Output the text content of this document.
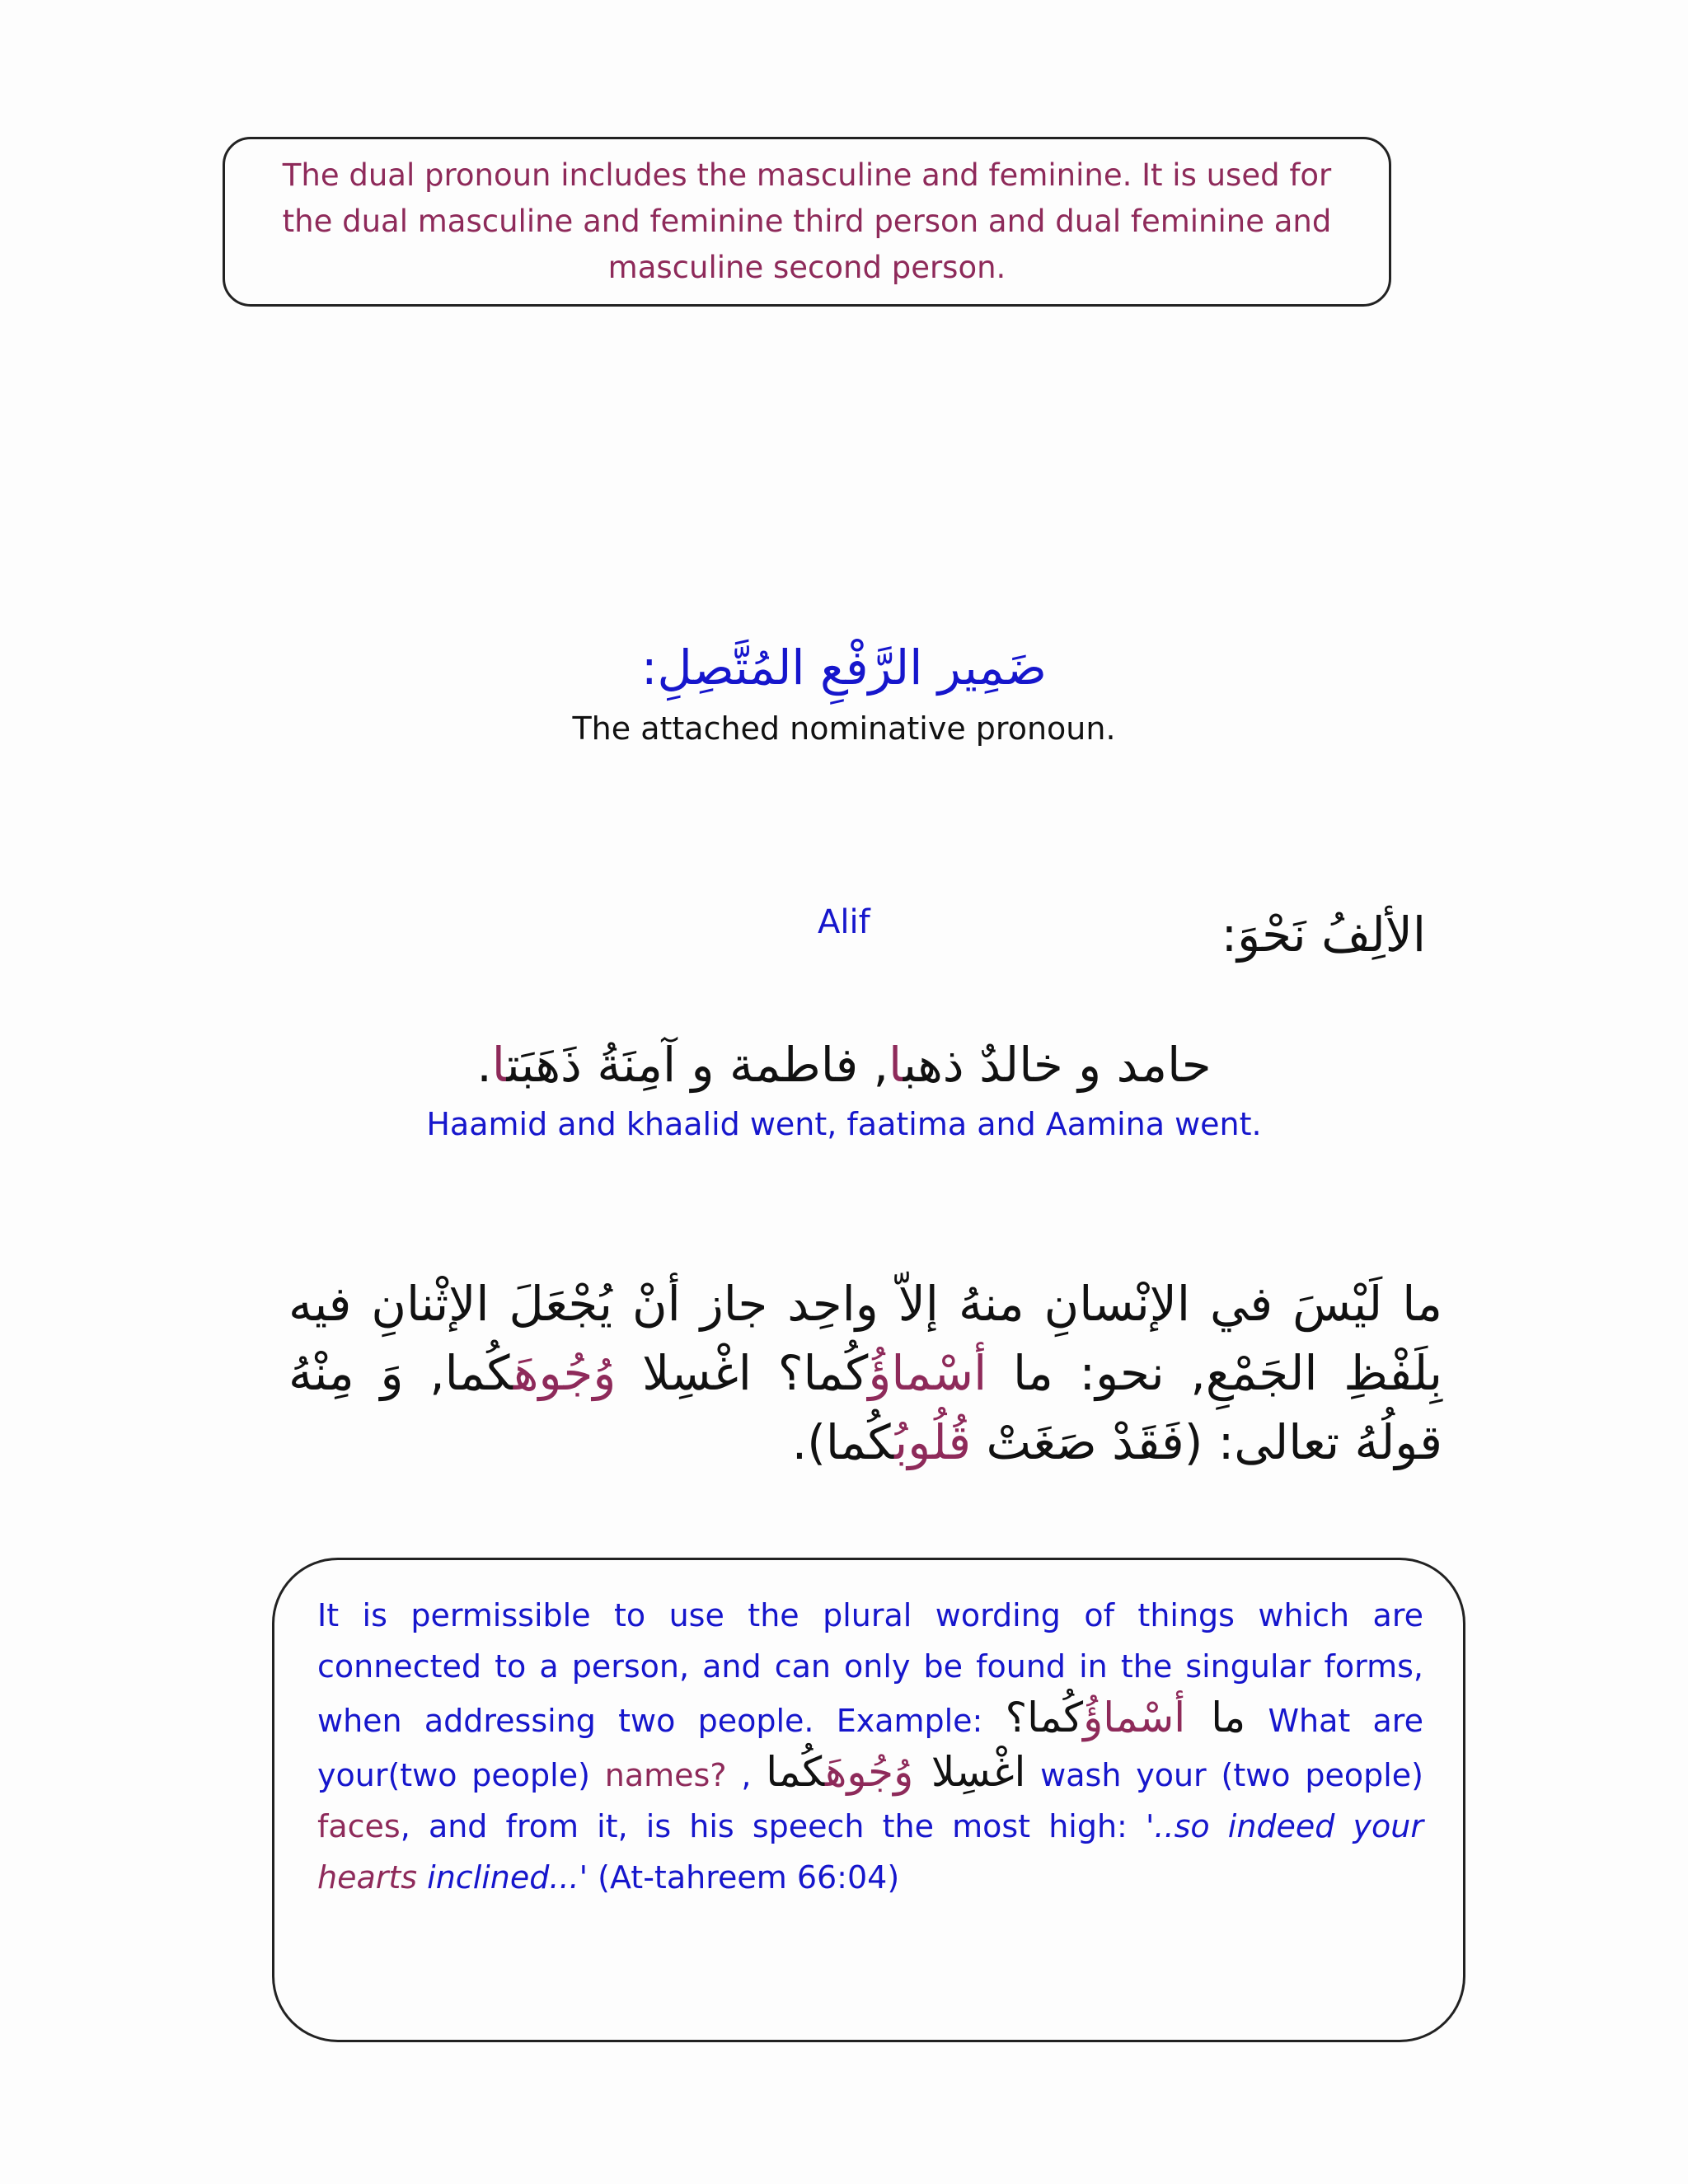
The dual pronoun includes the masculine and feminine. It is used for the dual masculine and feminine third person and dual feminine and masculine second person.

ضَمِير الرَّفْعِ المُتَّصِلِ:
The attached nominative pronoun.
Alif	الألِفُ نَحْوَ:
حامد و خالدٌ ذهبا, فاطمة و آمِنَةُ ذَهَبَتا.
Haamid and khaalid went, faatima and Aamina went.
ما لَيْسَ في الإنْسانِ منهُ إلاّ واحِد جاز أنْ يُجْعَلَ الإثْنانِ فيه بِلَفْظِ الجَمْعِ, نحو: ما أسْماؤُكُما؟ اغْسِلا وُجُوهَكُما, وَ مِنْهُ قولُهُ تعالى: (فَقَدْ صَغَتْ قُلُوبُكُما).
It is permissible to use the plural wording of things which are connected to a person, and can only be found in the singular forms, when addressing two people. Example:	ما أسْماؤُكُما؟	What are your(two people) names? ,	اغْسِلا وُجُوهَكُما	wash your (two people) faces, and from it, is his speech the most high: '..so indeed your hearts inclined...' (At-tahreem 66:04)
